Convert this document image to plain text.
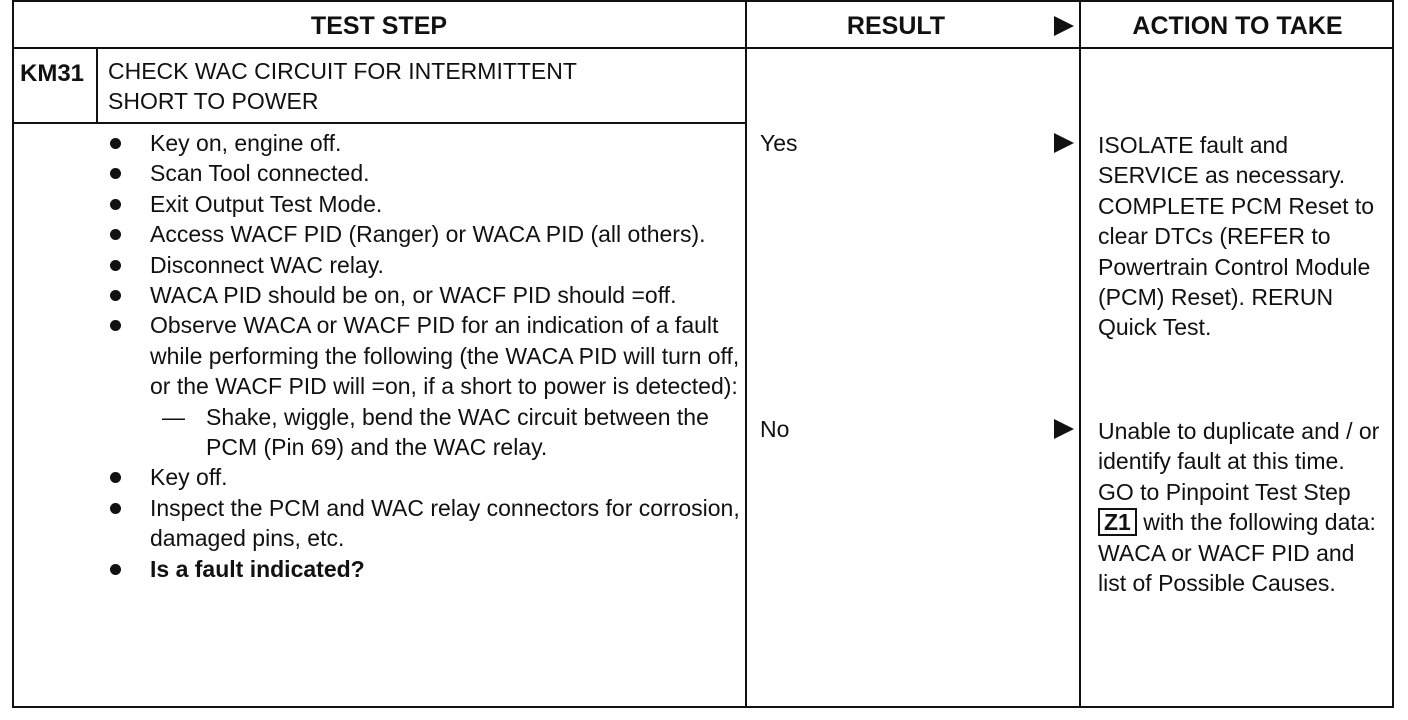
TEST STEP	RESULT	ACTION TO TAKE
KM31 CHECK WAC CIRCUIT FOR INTERMITTENT
SHORT TO POWER
Key on, engine off.
Scan Tool connected.
Exit Output Test Mode.
Access WACF PID (Ranger) or WACA PID (all others).
Disconnect WAC relay.
WACA PID should be on, or WACF PID should =off.
Observe WACA or WACF PID for an indication of a fault while performing the following (the WACA PID will turn off, or the WACF PID will =on, if a short to power is detected):
— Shake, wiggle, bend the WAC circuit between the PCM (Pin 69) and the WAC relay.
Key off.
Inspect the PCM and WAC relay connectors for corrosion, damaged pins, etc.
Is a fault indicated?
Yes
No
ISOLATE fault and SERVICE as necessary. COMPLETE PCM Reset to clear DTCs (REFER to Powertrain Control Module (PCM) Reset). RERUN Quick Test.
Unable to duplicate and / or identify fault at this time. GO to Pinpoint Test Step Z1 with the following data: WACA or WACF PID and list of Possible Causes.
